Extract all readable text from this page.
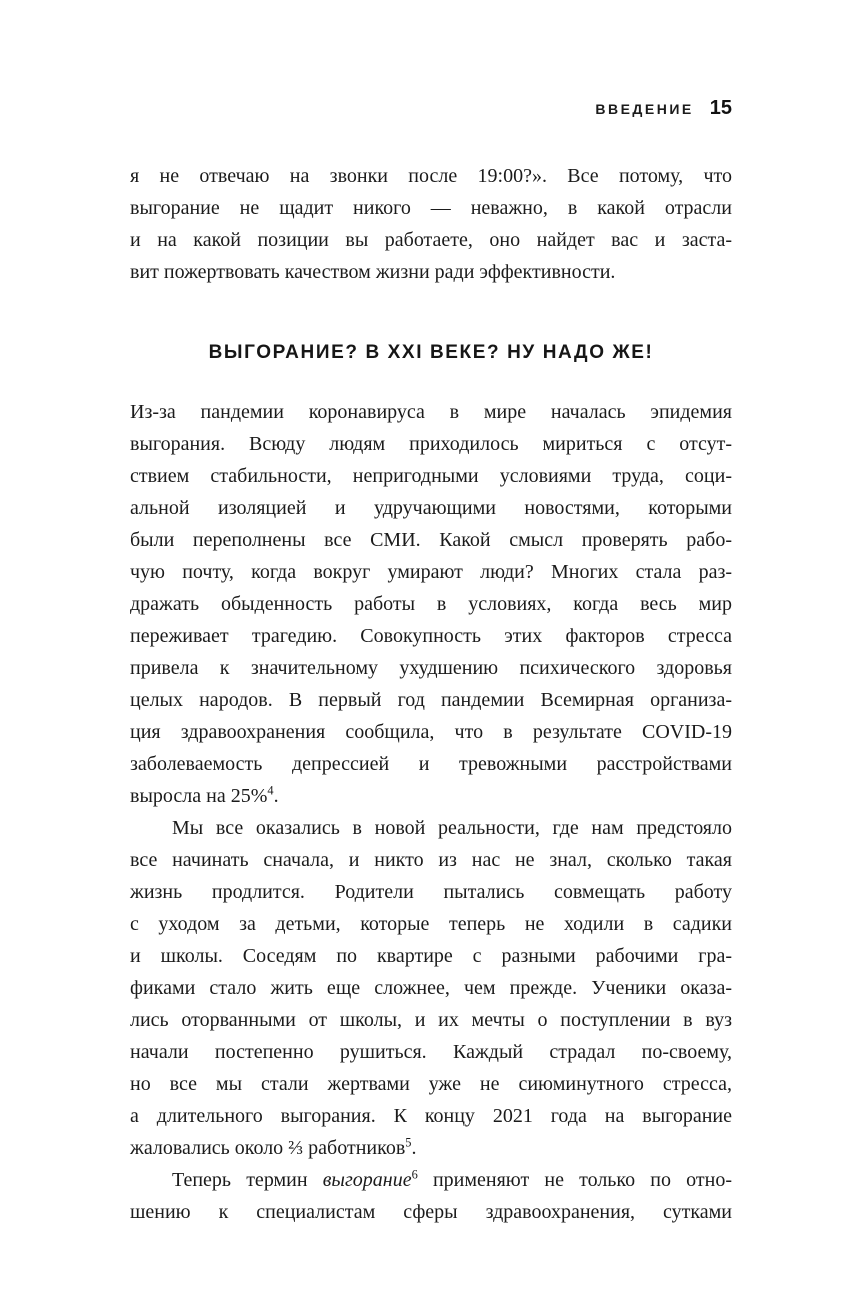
ВВЕДЕНИЕ 15
я не отвечаю на звонки после 19:00?». Все потому, что
выгорание не щадит никого — неважно, в какой отрасли
и на какой позиции вы работаете, оно найдет вас и заста-
вит пожертвовать качеством жизни ради эффективности.
ВЫГОРАНИЕ? В XXI ВЕКЕ? НУ НАДО ЖЕ!
Из-за пандемии коронавируса в мире началась эпидемия
выгорания. Всюду людям приходилось мириться с отсут-
ствием стабильности, непригодными условиями труда, соци-
альной изоляцией и удручающими новостями, которыми
были переполнены все СМИ. Какой смысл проверять рабо-
чую почту, когда вокруг умирают люди? Многих стала раз-
дражать обыденность работы в условиях, когда весь мир
переживает трагедию. Совокупность этих факторов стресса
привела к значительному ухудшению психического здоровья
целых народов. В первый год пандемии Всемирная организа-
ция здравоохранения сообщила, что в результате COVID-19
заболеваемость депрессией и тревожными расстройствами
выросла на 25%$^4$.
Мы все оказались в новой реальности, где нам предстояло
все начинать сначала, и никто из нас не знал, сколько такая
жизнь продлится. Родители пытались совмещать работу
с уходом за детьми, которые теперь не ходили в садики
и школы. Соседям по квартире с разными рабочими гра-
фиками стало жить еще сложнее, чем прежде. Ученики оказа-
лись оторванными от школы, и их мечты о поступлении в вуз
начали постепенно рушиться. Каждый страдал по-своему,
но все мы стали жертвами уже не сиюминутного стресса,
а длительного выгорания. К концу 2021 года на выгорание
жаловались около ⅔ работников$^5$.
Теперь термин выгорание$^6$ применяют не только по отно-
шению к специалистам сферы здравоохранения, сутками
